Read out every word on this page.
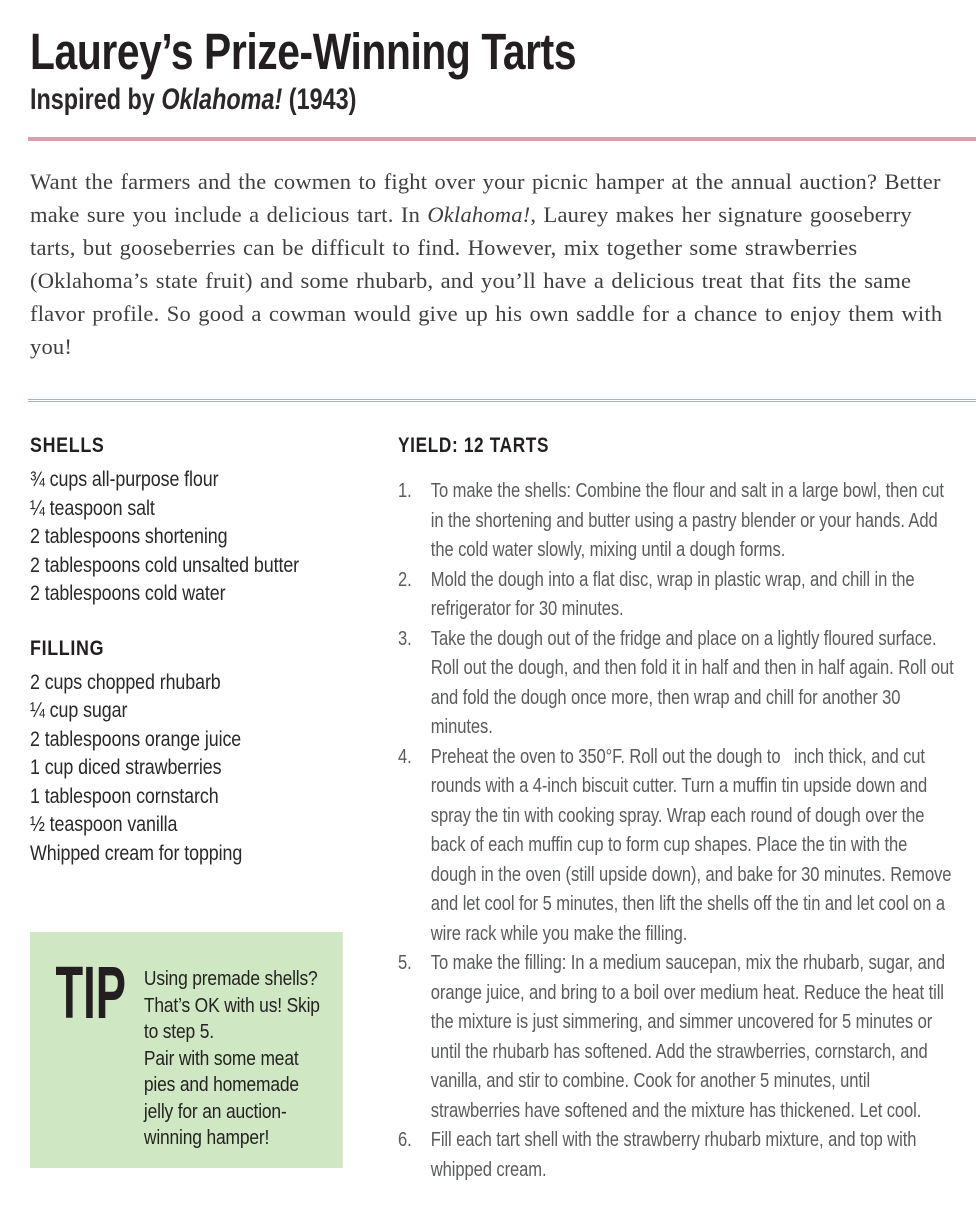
Laurey’s Prize-Winning Tarts
Inspired by Oklahoma! (1943)

Want the farmers and the cowmen to fight over your picnic hamper at the annual auction? Better make sure you include a delicious tart. In Oklahoma!, Laurey makes her signature gooseberry tarts, but gooseberries can be difficult to find. However, mix together some strawberries (Oklahoma’s state fruit) and some rhubarb, and you’ll have a delicious treat that fits the same flavor profile. So good a cowman would give up his own saddle for a chance to enjoy them with you!

SHELLS
¾ cups all-purpose flour
¼ teaspoon salt
2 tablespoons shortening
2 tablespoons cold unsalted butter
2 tablespoons cold water
FILLING
2 cups chopped rhubarb
¼ cup sugar
2 tablespoons orange juice
1 cup diced strawberries
1 tablespoon cornstarch
½ teaspoon vanilla
Whipped cream for topping
TIP Using premade shells? That’s OK with us! Skip to step 5.

Pair with some meat pies and homemade jelly for an auction-winning hamper!

YIELD: 12 TARTS
1. To make the shells: Combine the flour and salt in a large bowl, then cut in the shortening and butter using a pastry blender or your hands. Add the cold water slowly, mixing until a dough forms.
2. Mold the dough into a flat disc, wrap in plastic wrap, and chill in the refrigerator for 30 minutes.
3. Take the dough out of the fridge and place on a lightly floured surface. Roll out the dough, and then fold it in half and then in half again. Roll out and fold the dough once more, then wrap and chill for another 30 minutes.
4. Preheat the oven to 350°F. Roll out the dough to   inch thick, and cut rounds with a 4-inch biscuit cutter. Turn a muffin tin upside down and spray the tin with cooking spray. Wrap each round of dough over the back of each muffin cup to form cup shapes. Place the tin with the dough in the oven (still upside down), and bake for 30 minutes. Remove and let cool for 5 minutes, then lift the shells off the tin and let cool on a wire rack while you make the filling.
5. To make the filling: In a medium saucepan, mix the rhubarb, sugar, and orange juice, and bring to a boil over medium heat. Reduce the heat till the mixture is just simmering, and simmer uncovered for 5 minutes or until the rhubarb has softened. Add the strawberries, cornstarch, and vanilla, and stir to combine. Cook for another 5 minutes, until strawberries have softened and the mixture has thickened. Let cool.
6. Fill each tart shell with the strawberry rhubarb mixture, and top with whipped cream.
